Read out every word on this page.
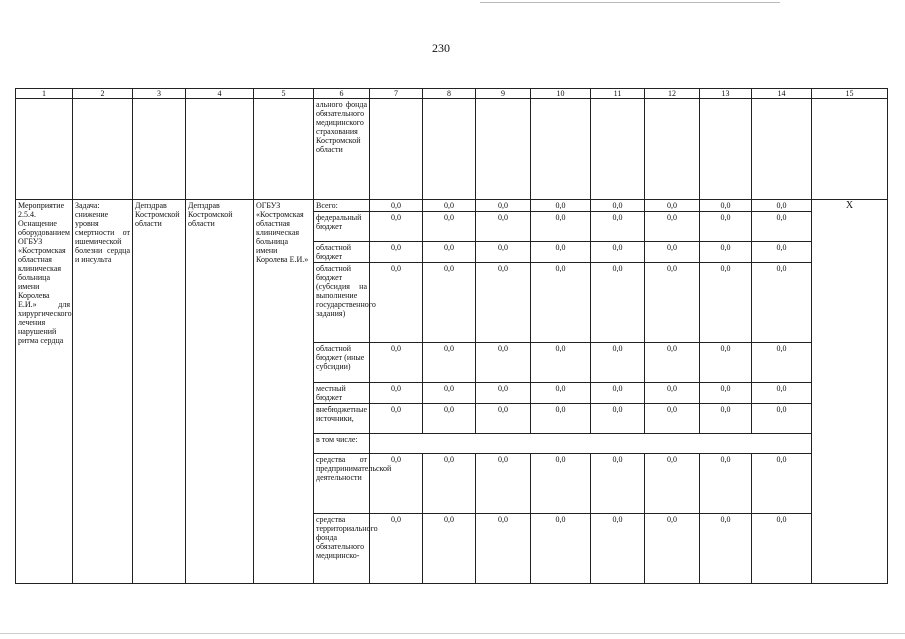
230
1	2	3	4	5	6	7	8	9	10	11	12	13	14	15
					ального фонда обязательного медицинского страхования Костромской области									
Мероприятие 2.5.4. Оснащение оборудованием ОГБУЗ «Костромская областная клиническая больница имени Королева Е.И.» для хирургического лечения нарушений ритма сердца	Задача: снижение уровня смертности от ишемической болезни сердца и инсульта	Депздрав Костромской области	Депздрав Костромской области	ОГБУЗ «Костромская областная клиническая больница имени Королева Е.И.»	Всего:	0,0	0,0	0,0	0,0	0,0	0,0	0,0	0,0	Х
					федеральный бюджет	0,0	0,0	0,0	0,0	0,0	0,0	0,0	0,0	
					областной бюджет	0,0	0,0	0,0	0,0	0,0	0,0	0,0	0,0	
					областной бюджет (субсидия на выполнение государственного задания)	0,0	0,0	0,0	0,0	0,0	0,0	0,0	0,0	
					областной бюджет (иные субсидии)	0,0	0,0	0,0	0,0	0,0	0,0	0,0	0,0	
					местный бюджет	0,0	0,0	0,0	0,0	0,0	0,0	0,0	0,0	
					внебюджетные источники,	0,0	0,0	0,0	0,0	0,0	0,0	0,0	0,0	
					в том числе:									
					средства от предпринимательской деятельности	0,0	0,0	0,0	0,0	0,0	0,0	0,0	0,0	
					средства территориального фонда обязательного медицинско-	0,0	0,0	0,0	0,0	0,0	0,0	0,0	0,0	
